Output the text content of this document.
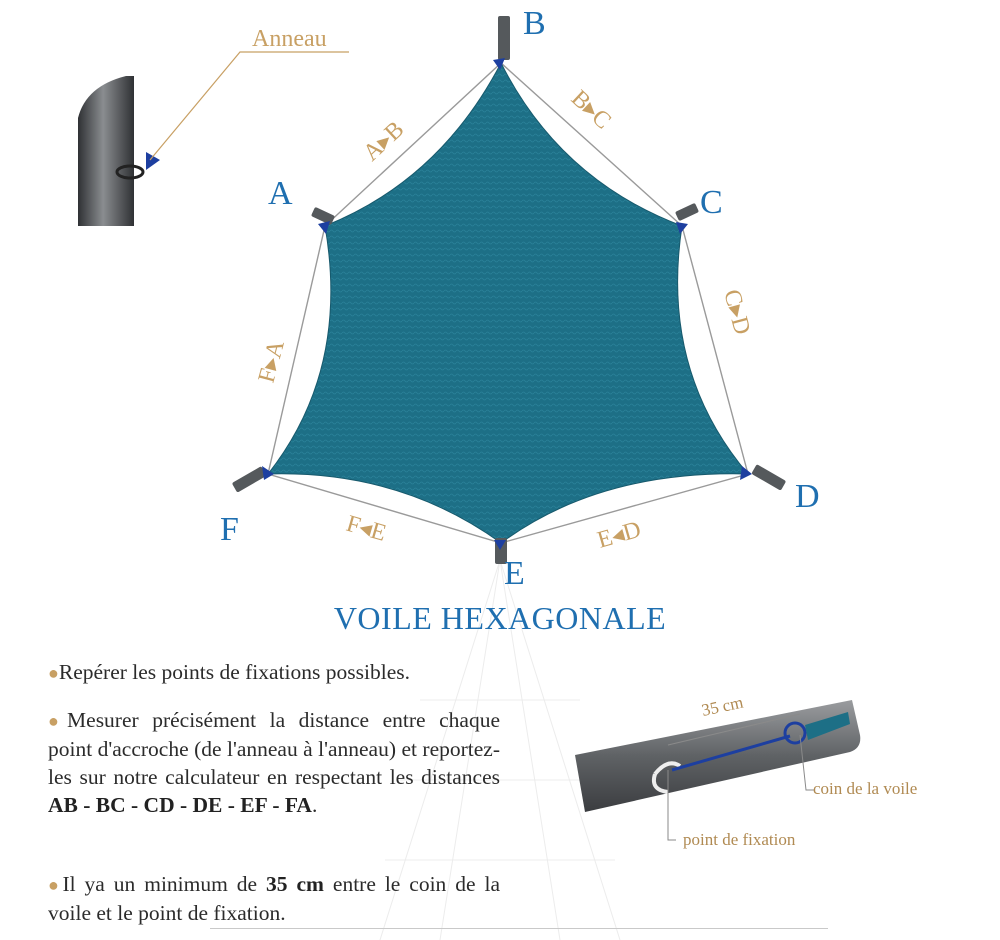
B
A	C
D
E
F
A▸B
B▸C
C▸D
E◂D
F◂E
F▸A
Anneau
35 cm
coin de la voile
point de fixation
VOILE HEXAGONALE
●Repérer les points de fixations possibles.
●Mesurer précisément la distance entre chaque point d'accroche (de l'anneau à l'anneau) et reportez-les sur notre calculateur en respectant les distances AB - BC - CD - DE - EF - FA.
●Il ya un minimum de 35 cm entre le coin de la voile et le point de fixation.
